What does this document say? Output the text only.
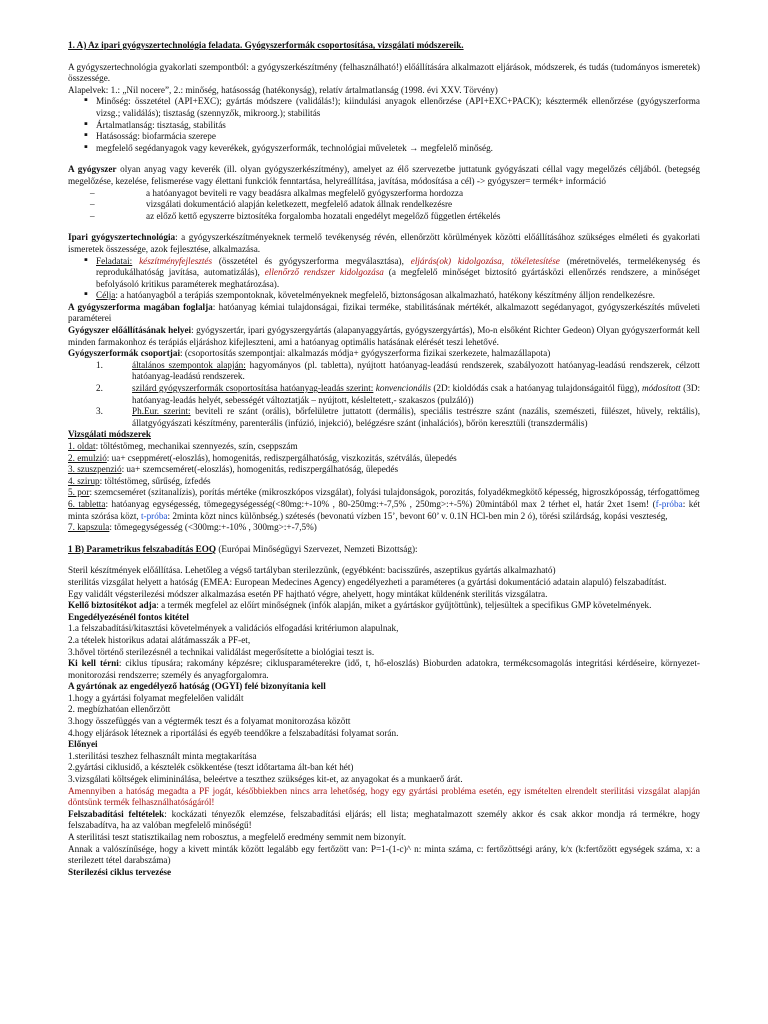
1. A) Az ipari gyógyszertechnológia feladata. Gyógyszerformák csoportosítása, vizsgálati módszereik.

A gyógyszertechnológia gyakorlati szempontból: a gyógyszerkészítmény (felhasználható!) előállítására alkalmazott eljárások, módszerek, és tudás (tudományos ismeretek) összessége.

Alapelvek: 1.: „Nil nocere”, 2.: minőség, hatásosság (hatékonyság), relatív ártalmatlanság (1998. évi XXV. Törvény)

▪ Minőség: összetétel (API+EXC); gyártás módszere (validálás!); kiindulási anyagok ellenőrzése (API+EXC+PACK); késztermék ellenőrzése (gyógyszerforma vizsg.; validálás); tisztaság (szennyzők, mikroorg.); stabilitás
▪ Ártalmatlanság: tisztaság, stabilitás
▪ Hatásosság: biofarmácia szerepe
▪ megfelelő segédanyagok vagy keverékek, gyógyszerformák, technológiai műveletek → megfelelő minőség.

A gyógyszer olyan anyag vagy keverék (ill. olyan gyógyszerkészítmény), amelyet az élő szervezetbe juttatunk gyógyászati céllal vagy megelőzés céljából. (betegség megelőzése, kezelése, felismerése vagy élettani funkciók fenntartása, helyreállítása, javítása, módosítása a cél) -> gyógyszer= termék+ információ

– a hatóanyagot beviteli re vagy beadásra alkalmas megfelelő gyógyszerforma hordozza
– vizsgálati dokumentáció alapján keletkezett, megfelelő adatok állnak rendelkezésre
– az előző kettő egyszerre biztosítéka forgalomba hozatali engedélyt megelőző független értékelés

Ipari gyógyszertechnológia: a gyógyszerkészítményeknek termelő tevékenység révén, ellenőrzött körülmények közötti előállításához szükséges elméleti és gyakorlati ismeretek összessége, azok fejlesztése, alkalmazása.

▪ Feladatai: készítményfejlesztés (összetétel és gyógyszerforma megválasztása), eljárás(ok) kidolgozása, tökéletesítése (méretnövelés, termelékenység és reprodukálhatóság javítása, automatizálás), ellenőrző rendszer kidolgozása (a megfelelő minőséget biztosító gyártásközi ellenőrzés rendszere, a minőséget befolyásoló kritikus paraméterek meghatározása).
▪ Célja: a hatóanyagból a terápiás szempontoknak, követelményeknek megfelelő, biztonságosan alkalmazható, hatékony készítmény álljon rendelkezésre.

A gyógyszerforma magában foglalja: hatóanyag kémiai tulajdonságai, fizikai terméke, stabilitásának mértékét, alkalmazott segédanyagot, gyógyszerkészítés műveleti paraméterei

Gyógyszer előállításának helyei: gyógyszertár, ipari gyógyszergyártás (alapanyaggyártás, gyógyszergyártás), Mo-n elsőként Richter Gedeon) Olyan gyógyszerformát kell minden farmakonhoz és terápiás eljáráshoz kifejleszteni, ami a hatóanyag optimális hatásának elérését teszi lehetővé.

Gyógyszerformák csoportjai: (csoportosítás szempontjai: alkalmazás módja+ gyógyszerforma fizikai szerkezete, halmazállapota)

1.	általános szempontok alapján: hagyományos (pl. tabletta), nyújtott hatóanyag-leadású rendszerek, szabályozott hatóanyag-leadású rendszerek, célzott hatóanyag-leadású rendszerek.
2.	szilárd gyógyszerformák csoportosítása hatóanyag-leadás szerint: konvencionális (2D: kioldódás csak a hatóanyag tulajdonságaitól függ), módosított (3D: hatóanyag-leadás helyét, sebességét változtatják – nyújtott, késleltetett,- szakaszos (pulzáló))
3.	Ph.Eur. szerint: beviteli re szánt (orális), bőrfelületre juttatott (dermális), speciális testrészre szánt (nazális, szemészeti, fülészet, hüvely, rektális), állatgyógyászati készítmény, parenterális (infúzió, injekció), belégzésre szánt (inhalációs), bőrön keresztüli (transzdermális)

Vizsgálati módszerek

1. oldat: töltéstömeg, mechanikai szennyezés, szín, cseppszám

2. emulzió: ua+ cseppméret(-eloszlás), homogenitás, rediszpergálhatóság, viszkozitás, szétválás, ülepedés

3. szuszpenzió: ua+ szemcseméret(-eloszlás), homogenitás, rediszpergálhatóság, ülepedés

4. szirup: töltéstömeg, sűrűség, ízfedés

5. por: szemcseméret (szitanalízis), porítás mértéke (mikroszkópos vizsgálat), folyási tulajdonságok, porozitás, folyadékmegkötő képesség, higroszkóposság, térfogattömeg

6. tabletta: hatóanyag egységesség, tömegegységesség(<80mg:+-10% , 80-250mg:+-7,5% , 250mg>:+-5%) 20mintából max 2 térhet el, határ 2xet 1sem! (f-próba: két minta szórása közt, t-próba: 2minta közt nincs különbség.) szétesés (bevonatú vízben 15’, bevont 60’ v. 0.1N HCl-ben min 2 ó), törési szilárdság, kopási veszteség,

7. kapszula: tömegegységesség (<300mg:+-10% , 300mg>:+-7,5%)

1 B) Parametrikus felszabadítás EOQ (Európai Minőségügyi Szervezet, Nemzeti Bizottság):

Steril készítmények előállítása. Lehetőleg a végső tartályban sterilezzünk, (egyébként: bacisszűrés, aszeptikus gyártás alkalmazható)

sterilitás vizsgálat helyett a hatóság (EMEA: European Medecines Agency) engedélyezheti a paraméteres (a gyártási dokumentáció adatain alapuló) felszabadítást.

Egy validált végsterilezési módszer alkalmazása esetén PF hajtható végre, ahelyett, hogy mintákat küldenénk sterilitás vizsgálatra.

Kellő biztosítékot adja: a termék megfelel az előírt minőségnek (infók alapján, miket a gyártáskor gyűjtöttünk), teljesültek a specifikus GMP követelmények.

Engedélyezésénél fontos kitétel

1.a felszabadítási/kitasztási követelmények a validációs elfogadási kritériumon alapulnak,

2.a tételek historikus adatai alátámasszák a PF-et,

3.hővel történő sterilezésnél a technikai validálást megerősítette a biológiai teszt is.

Ki kell térni: ciklus típusára; rakomány képzésre; ciklusparaméterekre (idő, t, hő-eloszlás) Bioburden adatokra, termékcsomagolás integritási kérdéseire, környezet-monitorozási rendszerre; személy és anyagforgalomra.

A gyártónak az engedélyező hatóság (OGYI) felé bizonyítania kell

1.hogy a gyártási folyamat megfelelően validált

2. megbízhatóan ellenőrzött

3.hogy összefüggés van a végtermék teszt és a folyamat monitorozása között

4.hogy eljárások léteznek a riportálási és egyéb teendőkre a felszabadítási folyamat során.

Előnyei

1.sterilitási teszhez felhasznált minta megtakarítása

2.gyártási ciklusidő, a késztelék csökkentése (teszt időtartama ált-ban két hét)

3.vizsgálati költségek elimininálása, beleértve a teszthez szükséges kit-et, az anyagokat és a munkaerő árát.

Amennyiben a hatóság megadta a PF jogát, későbbiekben nincs arra lehetőség, hogy egy gyártási probléma esetén, egy ismételten elrendelt sterilitási vizsgálat alapján döntsünk termék felhasználhatóságáról!

Felszabadítási feltételek: kockázati tényezők elemzése, felszabadítási eljárás; ell lista; meghatalmazott személy akkor és csak akkor mondja rá termékre, hogy felszabadítva, ha az valóban megfelelő minőségű!

A sterilitási teszt statisztikailag nem robosztus, a megfelelő eredmény semmit nem bizonyít.

Annak a valószínűsége, hogy a kivett minták között legalább egy fertőzött van: P=1-(1-c)^ n: minta száma, c: fertőzöttségi arány, k/x (k:fertőzött egységek száma, x: a sterilezett tétel darabszáma)

Sterilezési ciklus tervezése
